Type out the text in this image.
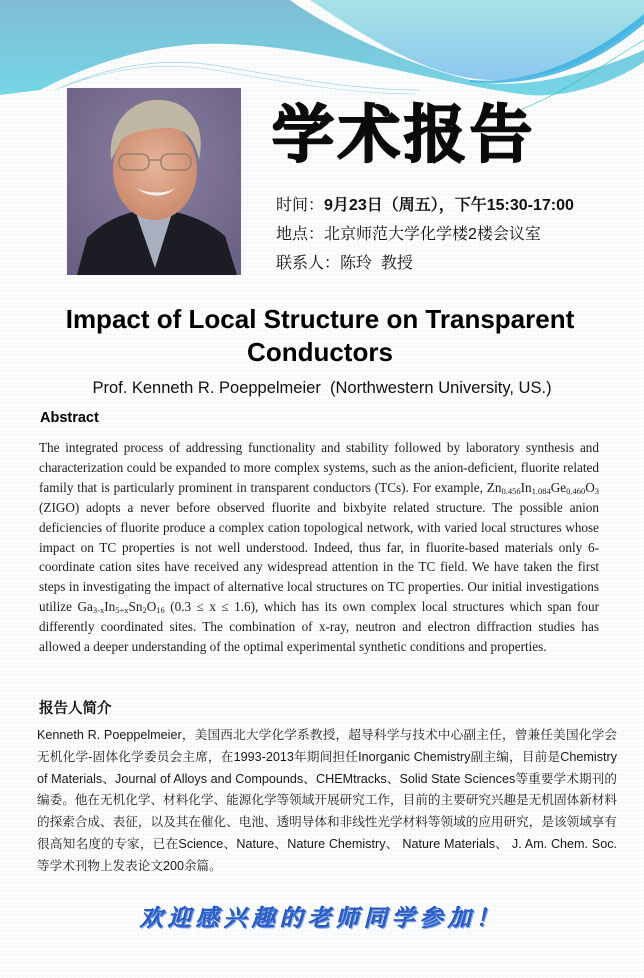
学术报告
时间：9月23日（周五），下午15:30-17:00
地点：北京师范大学化学楼2楼会议室
联系人：陈玲  教授
Impact of Local Structure on Transparent Conductors
Prof. Kenneth R. Poeppelmeier  (Northwestern University, US.)
Abstract
The integrated process of addressing functionality and stability followed by laboratory synthesis and characterization could be expanded to more complex systems, such as the anion-deficient, fluorite related family that is particularly prominent in transparent conductors (TCs). For example, $Zn_{0.456}In_{1.084}Ge_{0.460}O_3$ (ZIGO) adopts a never before observed fluorite and bixbyite related structure. The possible anion deficiencies of fluorite produce a complex cation topological network, with varied local structures whose impact on TC properties is not well understood. Indeed, thus far, in fluorite-based materials only 6-coordinate cation sites have received any widespread attention in the TC field. We have taken the first steps in investigating the impact of alternative local structures on TC properties. Our initial investigations utilize $Ga_{3-x}In_{5+x}Sn_2O_{16}$ (0.3 ≤ x ≤ 1.6), which has its own complex local structures which span four differently coordinated sites. The combination of x-ray, neutron and electron diffraction studies has allowed a deeper understanding of the optimal experimental synthetic conditions and properties.
报告人简介
Kenneth R. Poeppelmeier，美国西北大学化学系教授，超导科学与技术中心副主任，曾兼任美国化学会无机化学-固体化学委员会主席，在1993-2013年期间担任Inorganic Chemistry副主编，目前是Chemistry of Materials、Journal of Alloys and Compounds、CHEMtracks、Solid State Sciences等重要学术期刊的编委。他在无机化学、材料化学、能源化学等领域开展研究工作，目前的主要研究兴趣是无机固体新材料的探索合成、表征，以及其在催化、电池、透明导体和非线性光学材料等领域的应用研究，是该领域享有很高知名度的专家，已在Science、Nature、Nature Chemistry、 Nature Materials、 J. Am. Chem. Soc.等学术刊物上发表论文200余篇。
欢迎感兴趣的老师同学参加！
